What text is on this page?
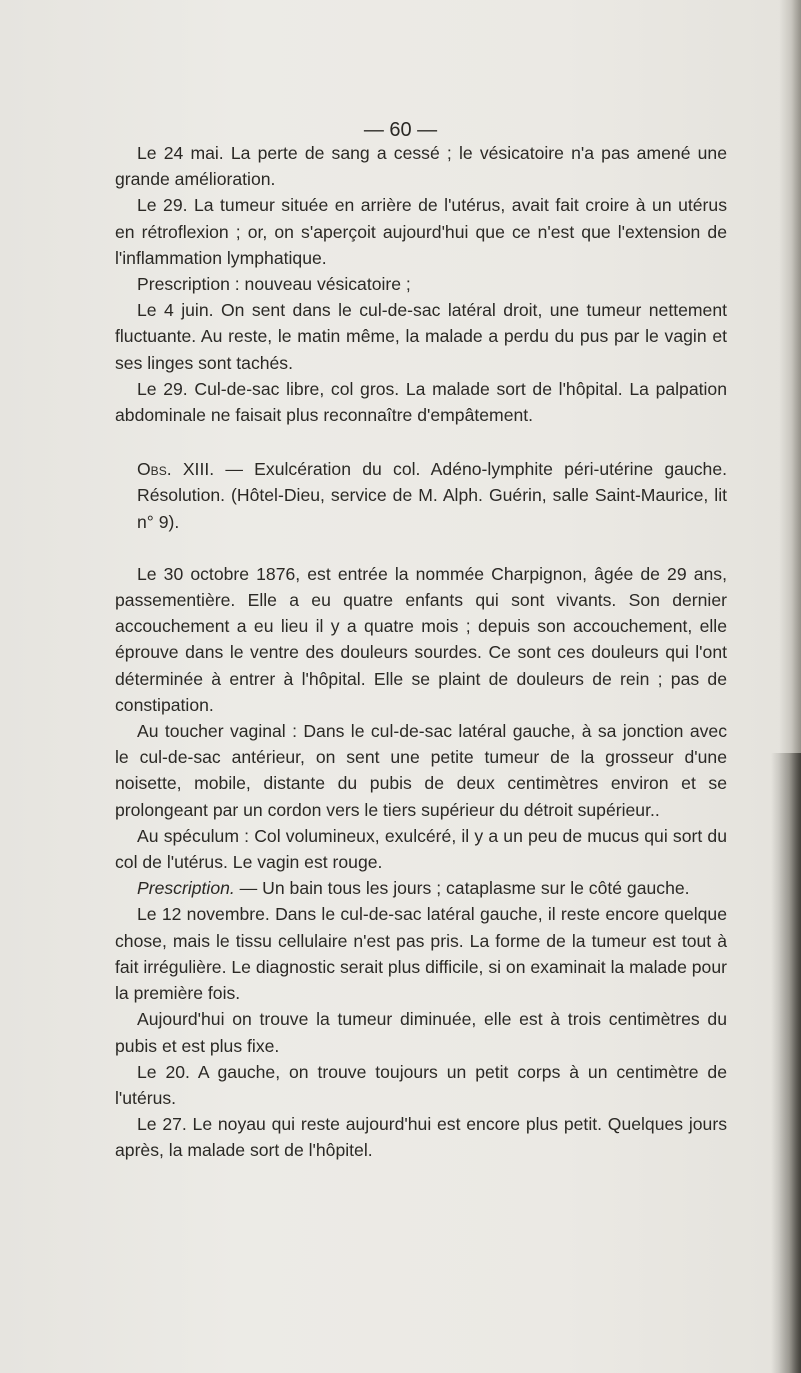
— 60 —

Le 24 mai. La perte de sang a cessé ; le vésicatoire n'a pas amené une grande amélioration.

Le 29. La tumeur située en arrière de l'utérus, avait fait croire à un utérus en rétroflexion ; or, on s'aperçoit aujourd'hui que ce n'est que l'extension de l'inflammation lymphatique.

Prescription : nouveau vésicatoire ;

Le 4 juin. On sent dans le cul-de-sac latéral droit, une tumeur nettement fluctuante. Au reste, le matin même, la malade a perdu du pus par le vagin et ses linges sont tachés.

Le 29. Cul-de-sac libre, col gros. La malade sort de l'hôpital. La palpation abdominale ne faisait plus reconnaître d'empâtement.

Obs. XIII. — Exulcération du col. Adéno-lymphite péri-utérine gauche. Résolution. (Hôtel-Dieu, service de M. Alph. Guérin, salle Saint-Maurice, lit n° 9).

Le 30 octobre 1876, est entrée la nommée Charpignon, âgée de 29 ans, passementière. Elle a eu quatre enfants qui sont vivants. Son dernier accouchement a eu lieu il y a quatre mois ; depuis son accouchement, elle éprouve dans le ventre des douleurs sourdes. Ce sont ces douleurs qui l'ont déterminée à entrer à l'hôpital. Elle se plaint de douleurs de rein ; pas de constipation.

Au toucher vaginal : Dans le cul-de-sac latéral gauche, à sa jonction avec le cul-de-sac antérieur, on sent une petite tumeur de la grosseur d'une noisette, mobile, distante du pubis de deux centimètres environ et se prolongeant par un cordon vers le tiers supérieur du détroit supérieur..

Au spéculum : Col volumineux, exulcéré, il y a un peu de mucus qui sort du col de l'utérus. Le vagin est rouge.

Prescription. — Un bain tous les jours ; cataplasme sur le côté gauche.

Le 12 novembre. Dans le cul-de-sac latéral gauche, il reste encore quelque chose, mais le tissu cellulaire n'est pas pris. La forme de la tumeur est tout à fait irrégulière. Le diagnostic serait plus difficile, si on examinait la malade pour la première fois.

Aujourd'hui on trouve la tumeur diminuée, elle est à trois centimètres du pubis et est plus fixe.

Le 20. A gauche, on trouve toujours un petit corps à un centimètre de l'utérus.

Le 27. Le noyau qui reste aujourd'hui est encore plus petit. Quelques jours après, la malade sort de l'hôpitel.
